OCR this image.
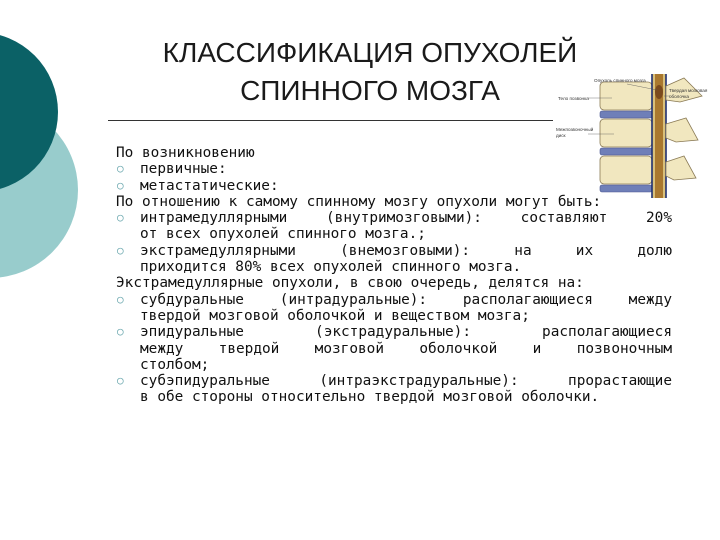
КЛАССИФИКАЦИЯ ОПУХОЛЕЙ
СПИННОГО МОЗГА	Опухоль спинного мозга
Твердая мозговая
оболочка
Тело позвонка
Межпозвоночный
диск
По возникновению
○ первичные:
○ метастатические:
По отношению к самому спинному мозгу опухоли могут быть:
○ интрамедуллярными (внутримозговыми): составляют 20%
от всех опухолей спинного мозга.;
○ экстрамедуллярными (внемозговыми): на их долю
приходится 80% всех опухолей спинного мозга.
Экстрамедуллярные опухоли, в свою очередь, делятся на:
○ субдуральные (интрадуральные): располагающиеся между
твердой мозговой оболочкой и веществом мозга;
○ эпидуральные (экстрадуральные): располагающиеся
между твердой мозговой оболочкой и позвоночным
столбом;
○ субэпидуральные (интраэкстрадуральные): прорастающие
в обе стороны относительно твердой мозговой оболочки.
